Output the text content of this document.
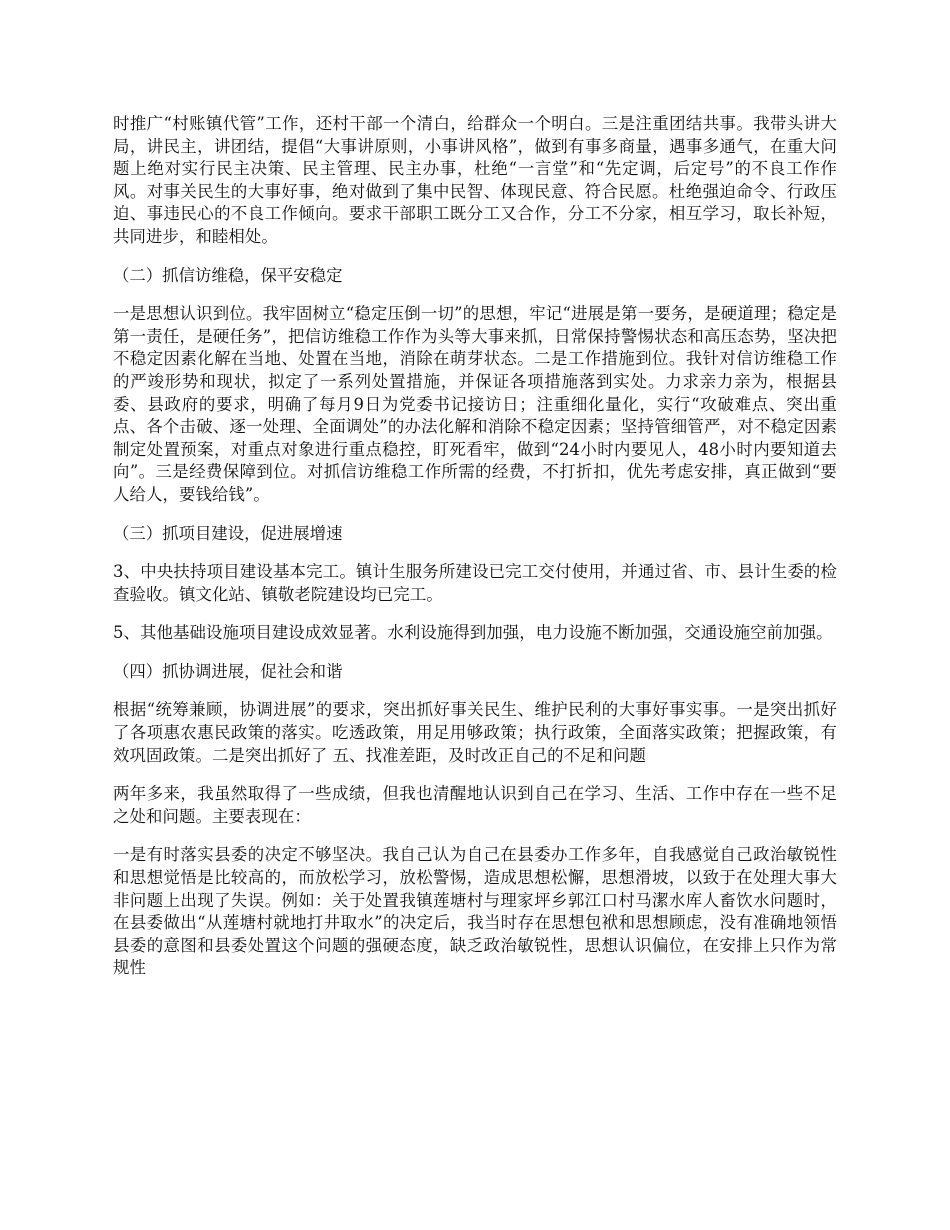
时推广“村账镇代管”工作，还村干部一个清白，给群众一个明白。三是注重团结共事。我带头讲大局，讲民主，讲团结，提倡“大事讲原则，小事讲风格”，做到有事多商量，遇事多通气，在重大问题上绝对实行民主决策、民主管理、民主办事，杜绝“一言堂”和“先定调，后定号”的不良工作作风。对事关民生的大事好事，绝对做到了集中民智、体现民意、符合民愿。杜绝强迫命令、行政压迫、事违民心的不良工作倾向。要求干部职工既分工又合作，分工不分家，相互学习，取长补短，共同进步，和睦相处。

（二）抓信访维稳，保平安稳定

一是思想认识到位。我牢固树立“稳定压倒一切”的思想，牢记“进展是第一要务，是硬道理；稳定是第一责任，是硬任务”，把信访维稳工作作为头等大事来抓，日常保持警惕状态和高压态势，坚决把不稳定因素化解在当地、处置在当地，消除在萌芽状态。二是工作措施到位。我针对信访维稳工作的严竣形势和现状，拟定了一系列处置措施，并保证各项措施落到实处。力求亲力亲为，根据县委、县政府的要求，明确了每月9日为党委书记接访日；注重细化量化，实行“攻破难点、突出重点、各个击破、逐一处理、全面调处”的办法化解和消除不稳定因素；坚持管细管严，对不稳定因素制定处置预案，对重点对象进行重点稳控，盯死看牢，做到“24小时内要见人，48小时内要知道去向”。三是经费保障到位。对抓信访维稳工作所需的经费，不打折扣，优先考虑安排，真正做到“要人给人，要钱给钱”。

（三）抓项目建设，促进展增速

3、中央扶持项目建设基本完工。镇计生服务所建设已完工交付使用，并通过省、市、县计生委的检查验收。镇文化站、镇敬老院建设均已完工。

5、其他基础设施项目建设成效显著。水利设施得到加强，电力设施不断加强，交通设施空前加强。

（四）抓协调进展，促社会和谐

根据“统筹兼顾，协调进展”的要求，突出抓好事关民生、维护民利的大事好事实事。一是突出抓好了各项惠农惠民政策的落实。吃透政策，用足用够政策；执行政策，全面落实政策；把握政策，有效巩固政策。二是突出抓好了 五、找准差距，及时改正自己的不足和问题

两年多来，我虽然取得了一些成绩，但我也清醒地认识到自己在学习、生活、工作中存在一些不足之处和问题。主要表现在：

一是有时落实县委的决定不够坚决。我自己认为自己在县委办工作多年，自我感觉自己政治敏锐性和思想觉悟是比较高的，而放松学习，放松警惕，造成思想松懈，思想滑坡，以致于在处理大事大非问题上出现了失误。例如：关于处置我镇莲塘村与理家坪乡郭江口村马潔水库人畜饮水问题时，在县委做出“从莲塘村就地打井取水”的决定后，我当时存在思想包袱和思想顾虑，没有准确地领悟县委的意图和县委处置这个问题的强硬态度，缺乏政治敏锐性，思想认识偏位，在安排上只作为常规性
